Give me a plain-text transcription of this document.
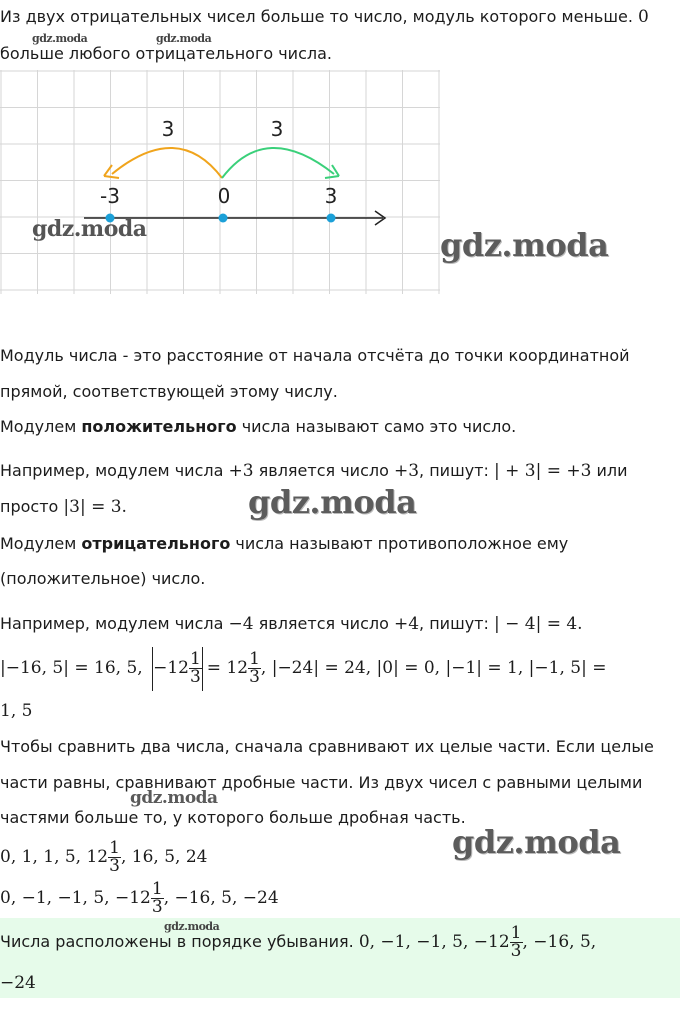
Из двух отрицательных чисел больше то число, модуль которого меньше. 0
gdz.moda	gdz.moda
больше любого отрицательного числа.
3	3
-3	0	3
gdz.moda	gdz.moda
Модуль числа - это расстояние от начала отсчёта до точки координатной
прямой, соответствующей этому числу.
Модулем положительного числа называют само это число.
Например, модулем числа +3 является число +3, пишут: | + 3| = +3 или
просто |3| = 3.	gdz.moda
Модулем отрицательного числа называют противоположное ему
(положительное) число.
Например, модулем числа −4 является число +4, пишут: | − 4| = 4.
|−16, 5| = 16, 5, $-12 \frac{1}{3} = 12 \frac{1}{3}$ , |−24| = 24, |0| = 0, |−1| = 1, |−1, 5| =
1, 5
Чтобы сравнить два числа, сначала сравнивают их целые части. Если целые
части равны, сравнивают дробные части. Из двух чисел с равными целыми
gdz.moda
частями больше то, у которого больше дробная часть.
0, 1, 1, 5, $12 \frac{1}{3}$ , 16, 5, 24	gdz.moda
0, −1, −1, 5, $-12 \frac{1}{3}$ , −16, 5, −24
gdz.moda
Числа расположены в порядке убывания. 0, −1, −1, 5, $-12 \frac{1}{3}$ , −16, 5,
−24
